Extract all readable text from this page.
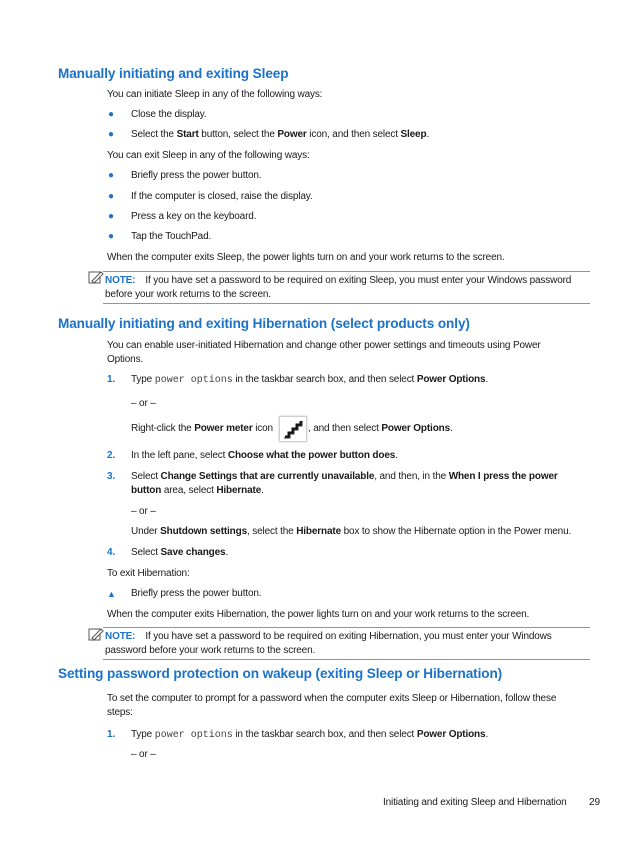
Manually initiating and exiting Sleep

You can initiate Sleep in any of the following ways:

● Close the display.

● Select the Start button, select the Power icon, and then select Sleep.

You can exit Sleep in any of the following ways:

● Briefly press the power button.

● If the computer is closed, raise the display.

● Press a key on the keyboard.

● Tap the TouchPad.

When the computer exits Sleep, the power lights turn on and your work returns to the screen.

NOTE: If you have set a password to be required on exiting Sleep, you must enter your Windows password

before your work returns to the screen.

Manually initiating and exiting Hibernation (select products only)

You can enable user-initiated Hibernation and change other power settings and timeouts using Power

Options.

1. Type power options in the taskbar search box, and then select Power Options.

– or –

Right-click the Power meter icon	, and then select Power Options.

2. In the left pane, select Choose what the power button does.

3. Select Change Settings that are currently unavailable, and then, in the When I press the power

button area, select Hibernate.

– or –

Under Shutdown settings, select the Hibernate box to show the Hibernate option in the Power menu.

4. Select Save changes.

To exit Hibernation:

▲ Briefly press the power button.

When the computer exits Hibernation, the power lights turn on and your work returns to the screen.

NOTE: If you have set a password to be required on exiting Hibernation, you must enter your Windows

password before your work returns to the screen.

Setting password protection on wakeup (exiting Sleep or Hibernation)

To set the computer to prompt for a password when the computer exits Sleep or Hibernation, follow these

steps:

1. Type power options in the taskbar search box, and then select Power Options.

– or –

Initiating and exiting Sleep and Hibernation 29
